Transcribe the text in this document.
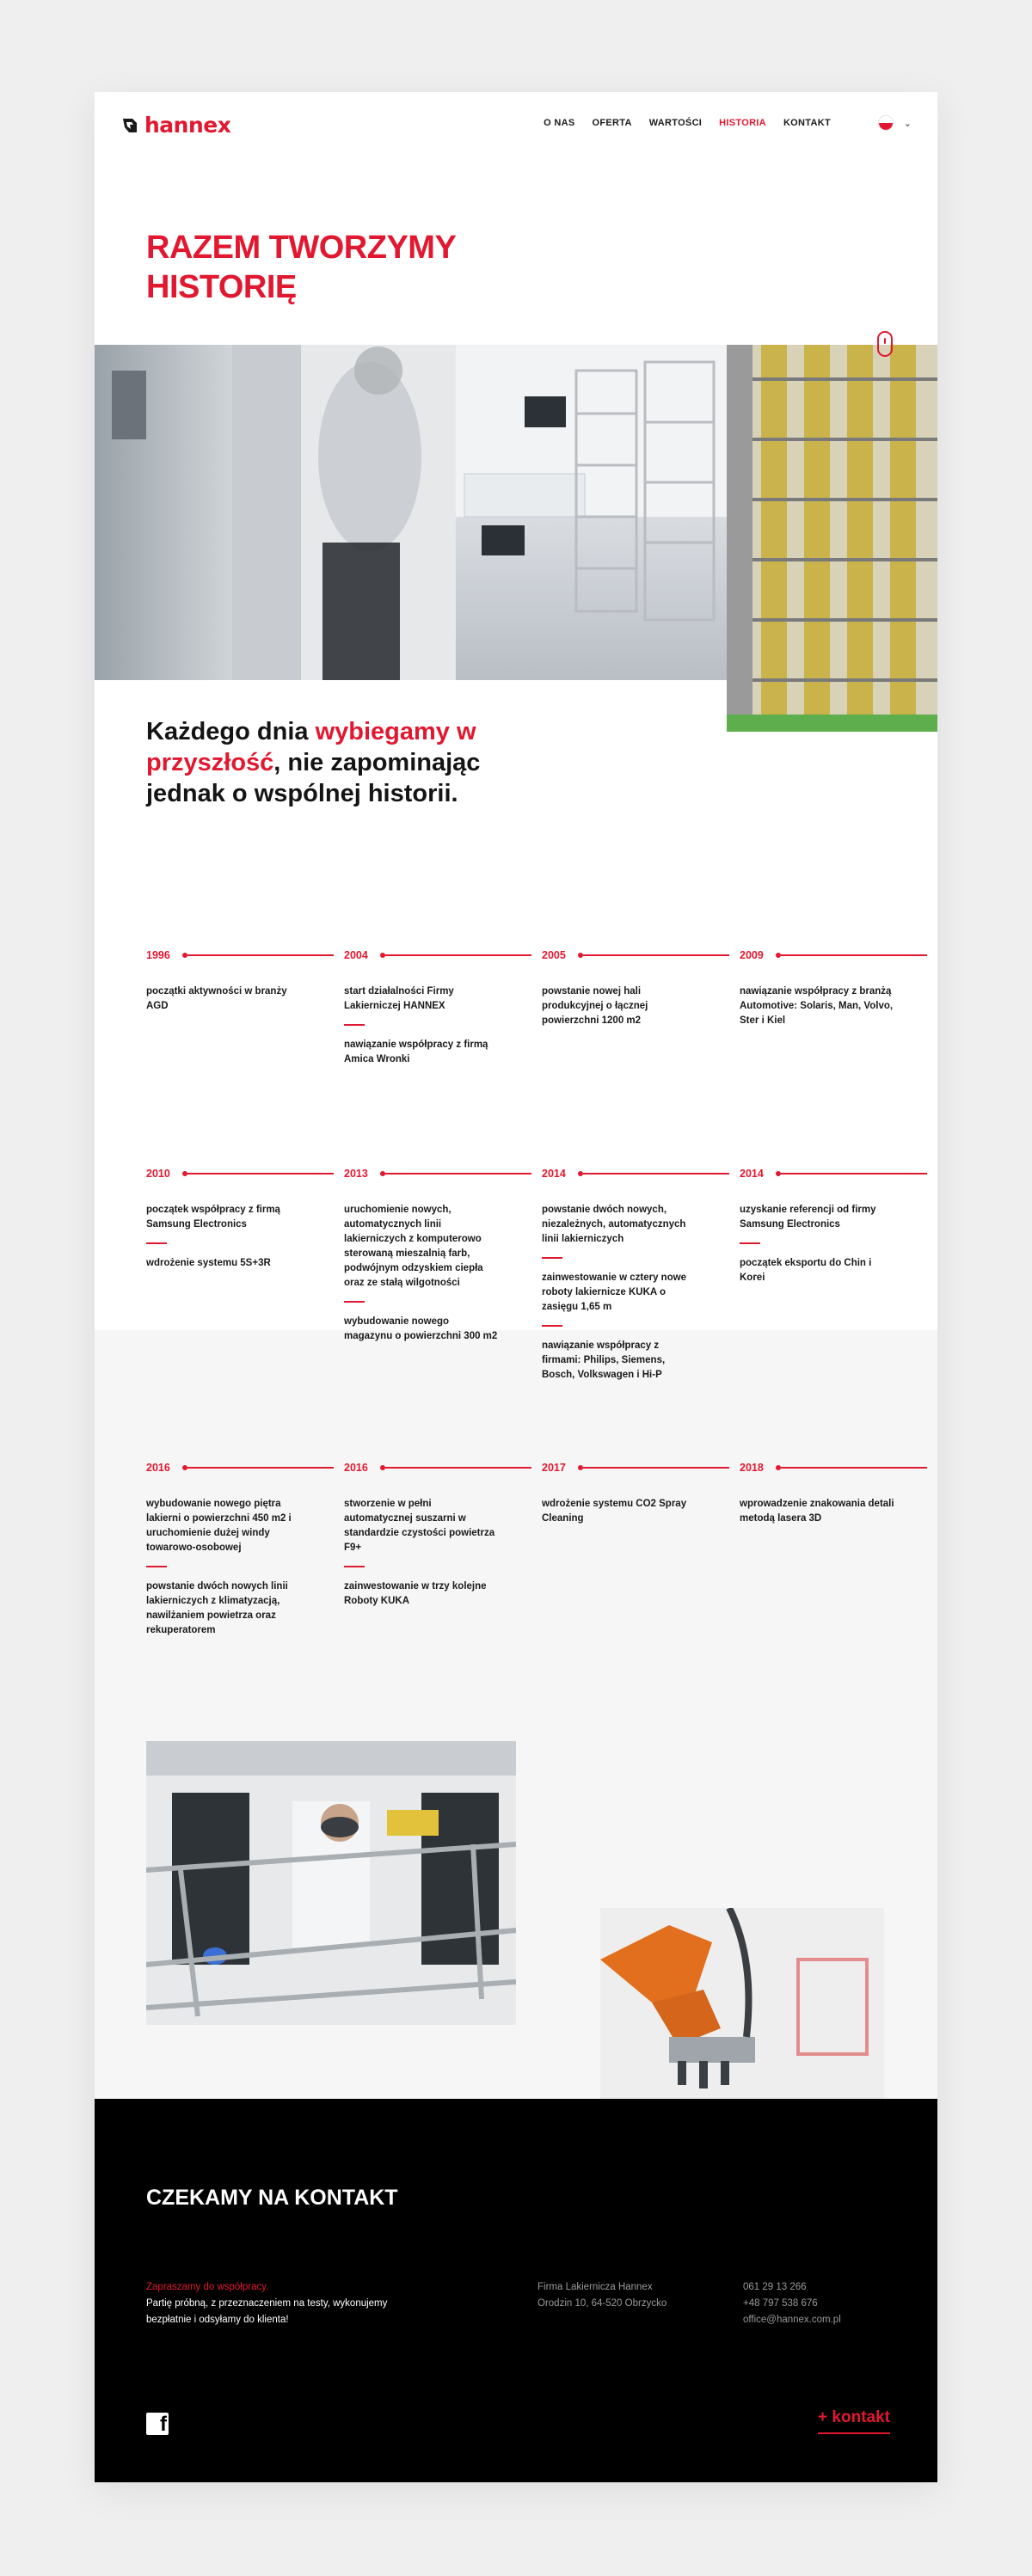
hannex	O NAS OFERTA WARTOŚCI HISTORIA KONTAKT	⌄
RAZEM TWORZYMY HISTORIĘ

Każdego dnia wybiegamy w przyszłość, nie zapominając jednak o wspólnej historii.

1996
początki aktywności w branży AGD
2004
start działalności Firmy Lakierniczej HANNEX
nawiązanie współpracy z firmą Amica Wronki
2005
powstanie nowej hali produkcyjnej o łącznej powierzchni 1200 m2
2009
nawiązanie współpracy z branżą Automotive: Solaris, Man, Volvo, Ster i Kiel
2010
początek współpracy z firmą Samsung Electronics
wdrożenie systemu 5S+3R
2013
uruchomienie nowych, automatycznych linii lakierniczych z komputerowo sterowaną mieszalnią farb, podwójnym odzyskiem ciepła oraz ze stałą wilgotności
wybudowanie nowego magazynu o powierzchni 300 m2
2014
powstanie dwóch nowych, niezależnych, automatycznych linii lakierniczych
zainwestowanie w cztery nowe roboty lakiernicze KUKA o zasięgu 1,65 m
nawiązanie współpracy z firmami: Philips, Siemens, Bosch, Volkswagen i Hi-P
2014
uzyskanie referencji od firmy Samsung Electronics
początek eksportu do Chin i Korei
2016
wybudowanie nowego piętra lakierni o powierzchni 450 m2 i uruchomienie dużej windy towarowo-osobowej
powstanie dwóch nowych linii lakierniczych z klimatyzacją, nawilżaniem powietrza oraz rekuperatorem
2016
stworzenie w pełni automatycznej suszarni w standardzie czystości powietrza F9+
zainwestowanie w trzy kolejne Roboty KUKA
2017
wdrożenie systemu CO2 Spray Cleaning
2018
wprowadzenie znakowania detali metodą lasera 3D
CZEKAMY NA KONTAKT
Zapraszamy do współpracy.
Partię próbną, z przeznaczeniem na testy, wykonujemy bezpłatnie i odsyłamy do klienta!
Firma Lakiernicza Hannex
Orodzin 10, 64-520 Obrzycko
061 29 13 266
+48 797 538 676
office@hannex.com.pl
f	+ kontakt
